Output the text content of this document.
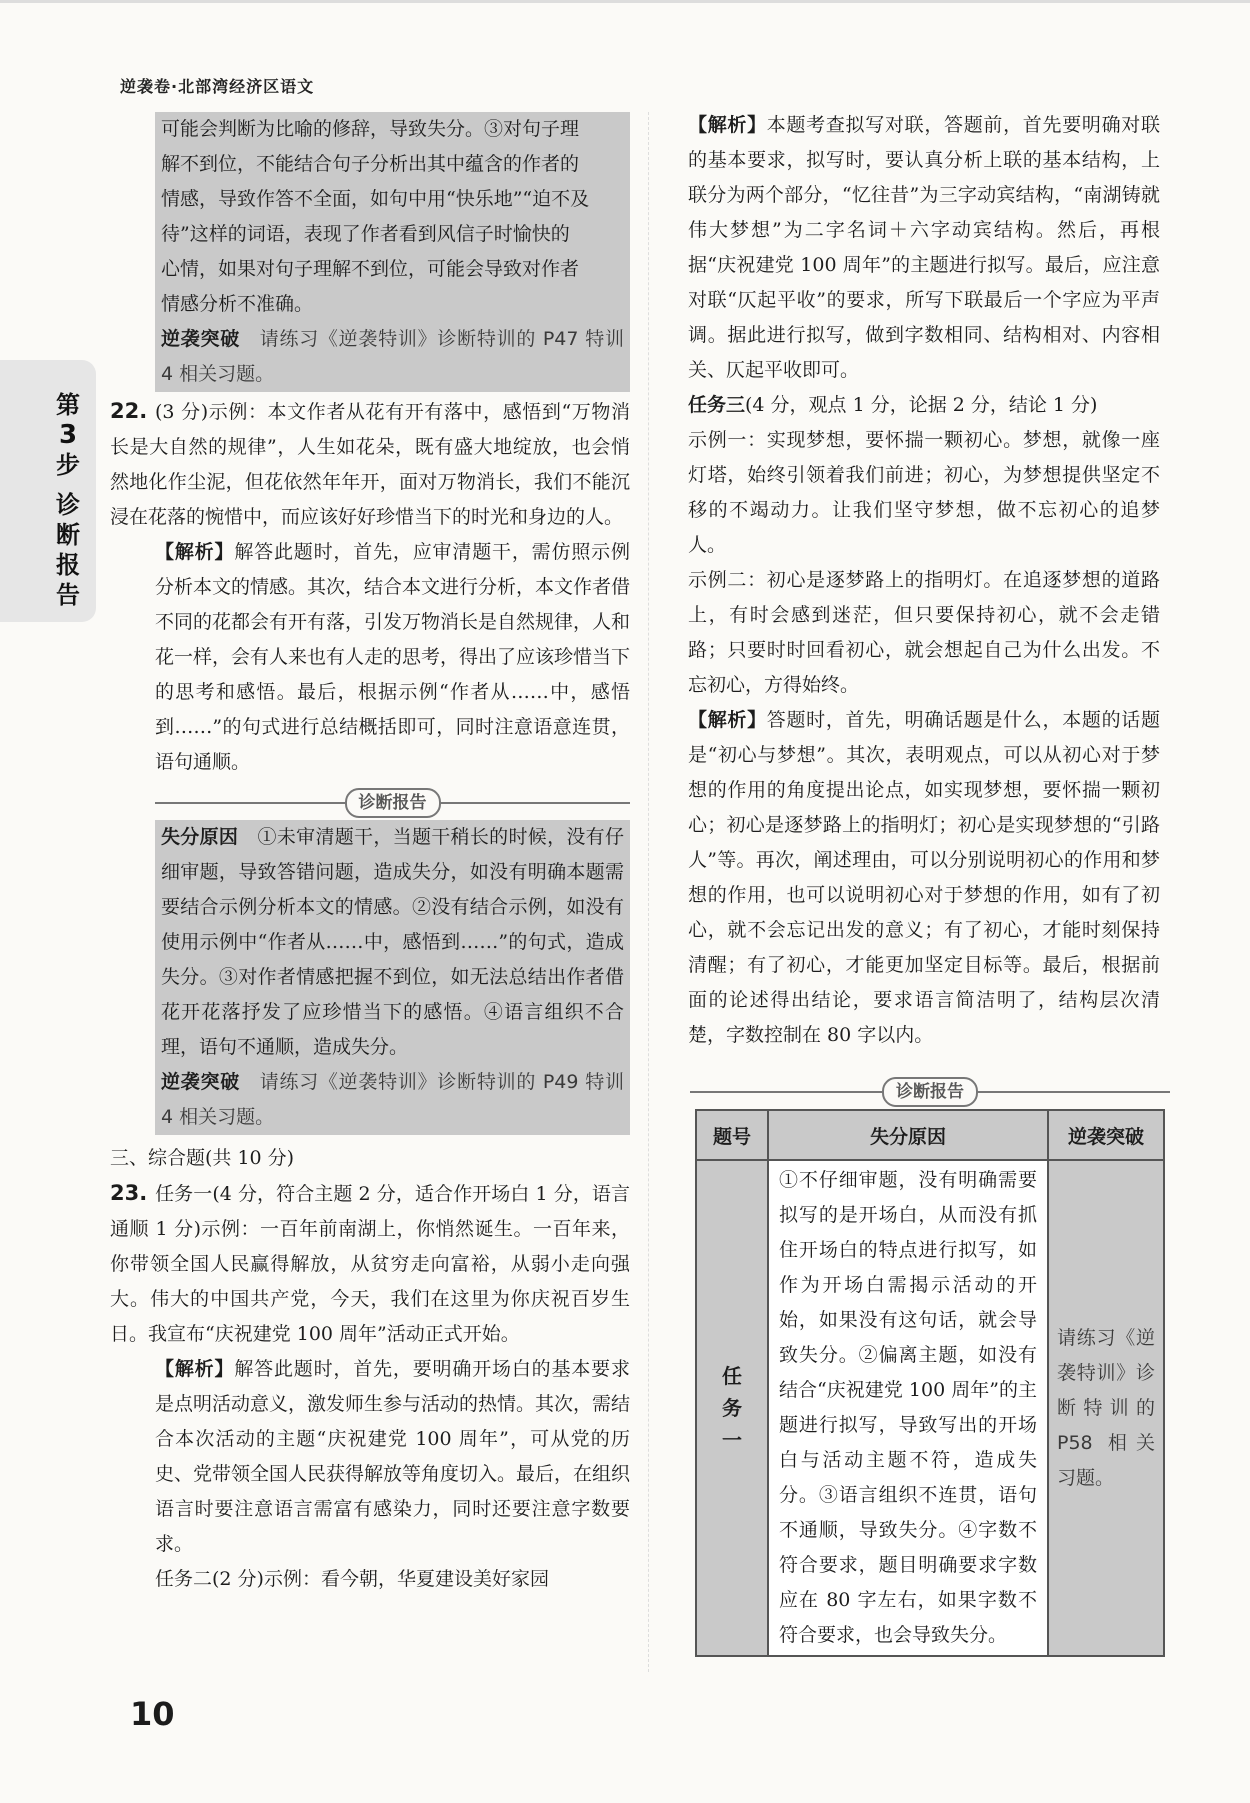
逆袭卷·北部湾经济区语文
第
3
步
诊断报告

可能会判断为比喻的修辞，导致失分。③对句子理

解不到位，不能结合句子分析出其中蕴含的作者的

情感，导致作答不全面，如句中用“快乐地”“迫不及

待”这样的词语，表现了作者看到风信子时愉快的

心情，如果对句子理解不到位，可能会导致对作者

情感分析不准确。

逆袭突破　 请练习《逆袭特训》诊断特训的 P47 特训 4 相关习题。

22. (3 分)示例：本文作者从花有开有落中，感悟到“万物消长是大自然的规律”，人生如花朵，既有盛大地绽放，也会悄然地化作尘泥，但花依然年年开，面对万物消长，我们不能沉浸在花落的惋惜中，而应该好好珍惜当下的时光和身边的人。

【解析】解答此题时，首先，应审清题干，需仿照示例分析本文的情感。其次，结合本文进行分析，本文作者借不同的花都会有开有落，引发万物消长是自然规律，人和花一样，会有人来也有人走的思考，得出了应该珍惜当下的思考和感悟。最后，根据示例“作者从……中，感悟到……”的句式进行总结概括即可，同时注意语意连贯，语句通顺。

诊断报告

失分原因　 ①未审清题干，当题干稍长的时候，没有仔细审题，导致答错问题，造成失分，如没有明确本题需要结合示例分析本文的情感。②没有结合示例，如没有使用示例中“作者从……中，感悟到……”的句式，造成失分。③对作者情感把握不到位，如无法总结出作者借花开花落抒发了应珍惜当下的感悟。④语言组织不合理，语句不通顺，造成失分。

逆袭突破　 请练习《逆袭特训》诊断特训的 P49 特训 4 相关习题。

三、综合题(共 10 分)

23. 任务一(4 分，符合主题 2 分，适合作开场白 1 分，语言通顺 1 分)示例：一百年前南湖上，你悄然诞生。一百年来，你带领全国人民赢得解放，从贫穷走向富裕，从弱小走向强大。伟大的中国共产党，今天，我们在这里为你庆祝百岁生日。我宣布“庆祝建党 100 周年”活动正式开始。

【解析】解答此题时，首先，要明确开场白的基本要求是点明活动意义，激发师生参与活动的热情。其次，需结合本次活动的主题“庆祝建党 100 周年”，可从党的历史、党带领全国人民获得解放等角度切入。最后，在组织语言时要注意语言需富有感染力，同时还要注意字数要求。

任务二(2 分)示例：看今朝，华夏建设美好家园

【解析】本题考查拟写对联，答题前，首先要明确对联的基本要求，拟写时，要认真分析上联的基本结构，上联分为两个部分，“忆往昔”为三字动宾结构，“南湖铸就伟大梦想”为二字名词＋六字动宾结构。然后，再根据“庆祝建党 100 周年”的主题进行拟写。最后，应注意对联“仄起平收”的要求，所写下联最后一个字应为平声调。据此进行拟写，做到字数相同、结构相对、内容相关、仄起平收即可。

任务三(4 分，观点 1 分，论据 2 分，结论 1 分)

示例一：实现梦想，要怀揣一颗初心。梦想，就像一座灯塔，始终引领着我们前进；初心，为梦想提供坚定不移的不竭动力。让我们坚守梦想，做不忘初心的追梦人。

示例二：初心是逐梦路上的指明灯。在追逐梦想的道路上，有时会感到迷茫，但只要保持初心，就不会走错路；只要时时回看初心，就会想起自己为什么出发。不忘初心，方得始终。

【解析】答题时，首先，明确话题是什么，本题的话题是“初心与梦想”。其次，表明观点，可以从初心对于梦想的作用的角度提出论点，如实现梦想，要怀揣一颗初心；初心是逐梦路上的指明灯；初心是实现梦想的“引路人”等。再次，阐述理由，可以分别说明初心的作用和梦想的作用，也可以说明初心对于梦想的作用，如有了初心，就不会忘记出发的意义；有了初心，才能时刻保持清醒；有了初心，才能更加坚定目标等。最后，根据前面的论述得出结论，要求语言简洁明了，结构层次清楚，字数控制在 80 字以内。

诊断报告
题号	失分原因	逆袭突破
任务一	①不仔细审题，没有明确需要拟写的是开场白，从而没有抓住开场白的特点进行拟写，如作为开场白需揭示活动的开始，如果没有这句话，就会导致失分。②偏离主题，如没有结合“庆祝建党 100 周年”的主题进行拟写，导致写出的开场白与活动主题不符，造成失分。③语言组织不连贯，语句不通顺，导致失分。④字数不符合要求，题目明确要求字数应在 80 字左右，如果字数不符合要求，也会导致失分。	请练习《逆袭特训》诊断特训的 P58 相关习题。
10
